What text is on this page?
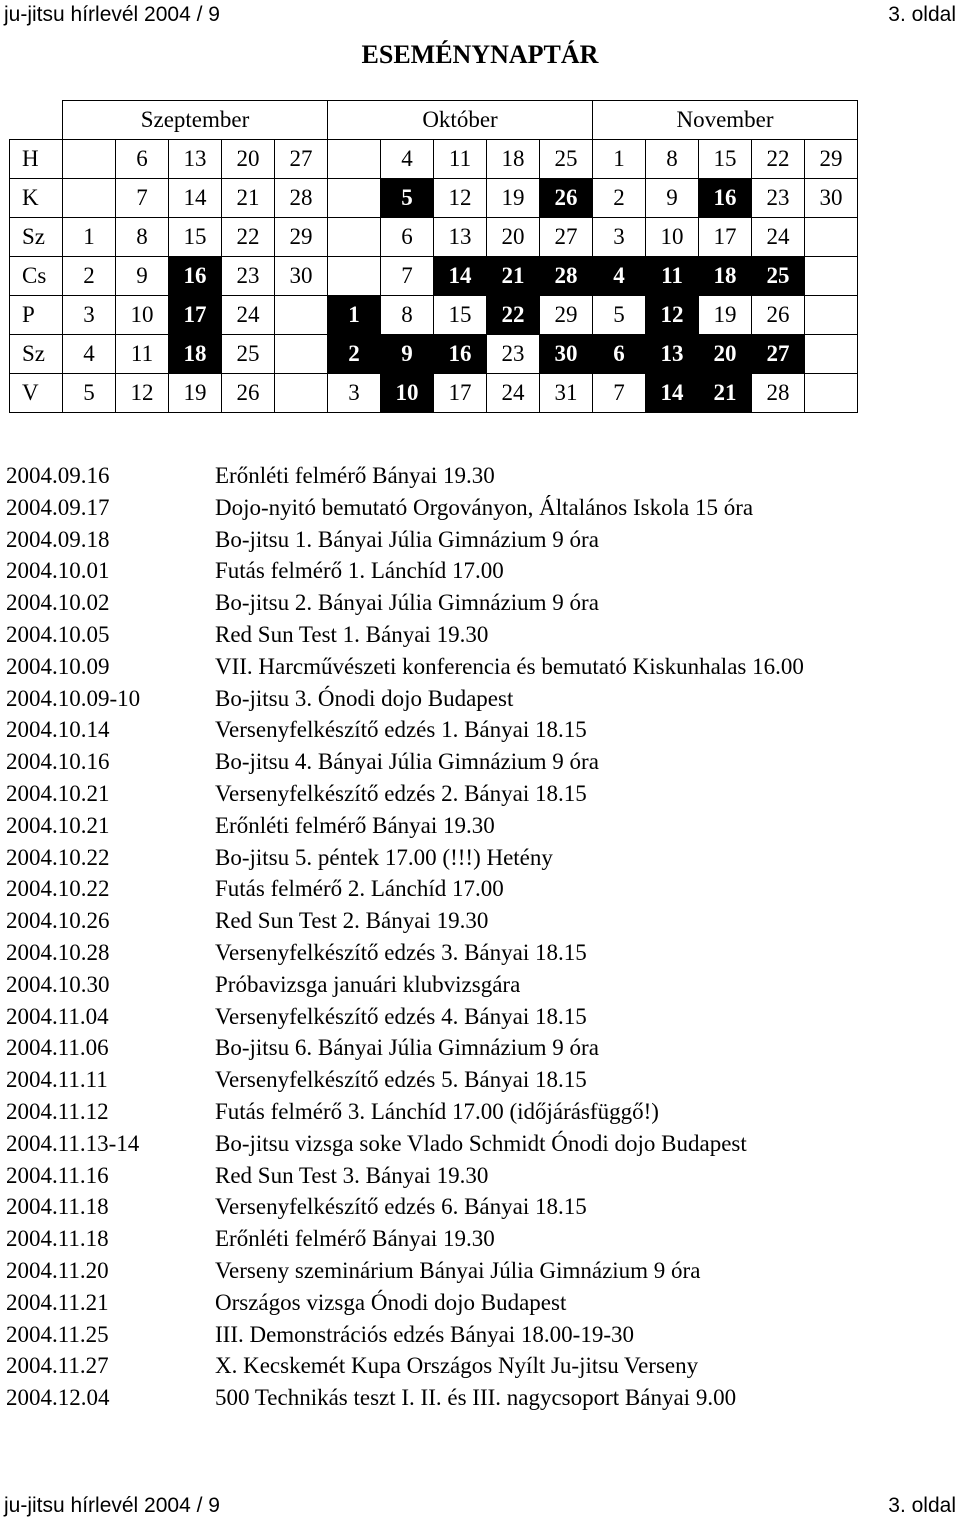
ju-jitsu hírlevél 2004 / 9	3. oldal
ESEMÉNYNAPTÁR
	Szeptember					Október					November				
H		6	13	20	27		4	11	18	25	1	8	15	22	29
K		7	14	21	28		5	12	19	26	2	9	16	23	30
Sz	1	8	15	22	29		6	13	20	27	3	10	17	24	
Cs	2	9	16	23	30		7	14	21	28	4	11	18	25	
P	3	10	17	24		1	8	15	22	29	5	12	19	26	
Sz	4	11	18	25		2	9	16	23	30	6	13	20	27	
V	5	12	19	26		3	10	17	24	31	7	14	21	28	
2004.09.16	Erőnléti felmérő Bányai 19.30
2004.09.17	Dojo-nyitó bemutató Orgoványon, Általános Iskola 15 óra
2004.09.18	Bo-jitsu 1. Bányai Júlia Gimnázium 9 óra
2004.10.01	Futás felmérő 1. Lánchíd 17.00
2004.10.02	Bo-jitsu 2. Bányai Júlia Gimnázium 9 óra
2004.10.05	Red Sun Test 1. Bányai 19.30
2004.10.09	VII. Harcművészeti konferencia és bemutató Kiskunhalas 16.00
2004.10.09-10	Bo-jitsu 3. Ónodi dojo Budapest
2004.10.14	Versenyfelkészítő edzés 1. Bányai 18.15
2004.10.16	Bo-jitsu 4. Bányai Júlia Gimnázium 9 óra
2004.10.21	Versenyfelkészítő edzés 2. Bányai 18.15
2004.10.21	Erőnléti felmérő Bányai 19.30
2004.10.22	Bo-jitsu 5. péntek 17.00 (!!!) Hetény
2004.10.22	Futás felmérő 2. Lánchíd 17.00
2004.10.26	Red Sun Test 2. Bányai 19.30
2004.10.28	Versenyfelkészítő edzés 3. Bányai 18.15
2004.10.30	Próbavizsga januári klubvizsgára
2004.11.04	Versenyfelkészítő edzés 4. Bányai 18.15
2004.11.06	Bo-jitsu 6. Bányai Júlia Gimnázium 9 óra
2004.11.11	Versenyfelkészítő edzés 5. Bányai 18.15
2004.11.12	Futás felmérő 3. Lánchíd 17.00 (időjárásfüggő!)
2004.11.13-14	Bo-jitsu vizsga soke Vlado Schmidt Ónodi dojo Budapest
2004.11.16	Red Sun Test 3. Bányai 19.30
2004.11.18	Versenyfelkészítő edzés 6. Bányai 18.15
2004.11.18	Erőnléti felmérő Bányai 19.30
2004.11.20	Verseny szeminárium Bányai Júlia Gimnázium 9 óra
2004.11.21	Országos vizsga Ónodi dojo Budapest
2004.11.25	III. Demonstrációs edzés Bányai 18.00-19-30
2004.11.27	X. Kecskemét Kupa Országos Nyílt Ju-jitsu Verseny
2004.12.04	500 Technikás teszt I. II. és III. nagycsoport Bányai 9.00
ju-jitsu hírlevél 2004 / 9	3. oldal
